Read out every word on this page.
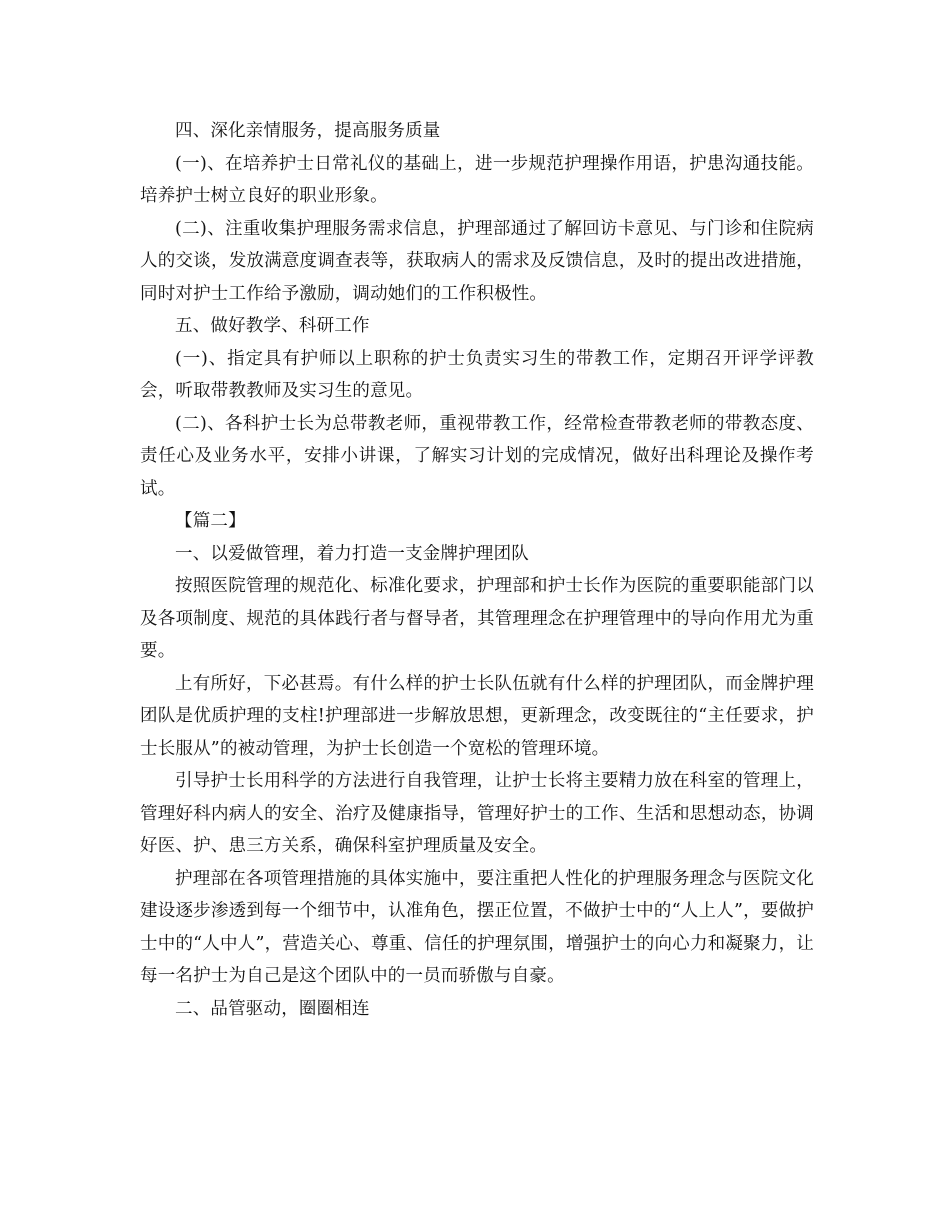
四、深化亲情服务，提高服务质量

(一)、在培养护士日常礼仪的基础上，进一步规范护理操作用语，护患沟通技能。培养护士树立良好的职业形象。

(二)、注重收集护理服务需求信息，护理部通过了解回访卡意见、与门诊和住院病人的交谈，发放满意度调查表等，获取病人的需求及反馈信息，及时的提出改进措施，同时对护士工作给予激励，调动她们的工作积极性。

五、做好教学、科研工作

(一)、指定具有护师以上职称的护士负责实习生的带教工作，定期召开评学评教会，听取带教教师及实习生的意见。

(二)、各科护士长为总带教老师，重视带教工作，经常检查带教老师的带教态度、责任心及业务水平，安排小讲课，了解实习计划的完成情况，做好出科理论及操作考试。

【篇二】

一、以爱做管理，着力打造一支金牌护理团队

按照医院管理的规范化、标准化要求，护理部和护士长作为医院的重要职能部门以及各项制度、规范的具体践行者与督导者，其管理理念在护理管理中的导向作用尤为重要。

上有所好，下必甚焉。有什么样的护士长队伍就有什么样的护理团队，而金牌护理团队是优质护理的支柱!护理部进一步解放思想，更新理念，改变既往的“主任要求，护士长服从”的被动管理，为护士长创造一个宽松的管理环境。

引导护士长用科学的方法进行自我管理，让护士长将主要精力放在科室的管理上，管理好科内病人的安全、治疗及健康指导，管理好护士的工作、生活和思想动态，协调好医、护、患三方关系，确保科室护理质量及安全。

护理部在各项管理措施的具体实施中，要注重把人性化的护理服务理念与医院文化建设逐步渗透到每一个细节中，认准角色，摆正位置，不做护士中的“人上人”，要做护士中的“人中人”，营造关心、尊重、信任的护理氛围，增强护士的向心力和凝聚力，让每一名护士为自己是这个团队中的一员而骄傲与自豪。

二、品管驱动，圈圈相连
